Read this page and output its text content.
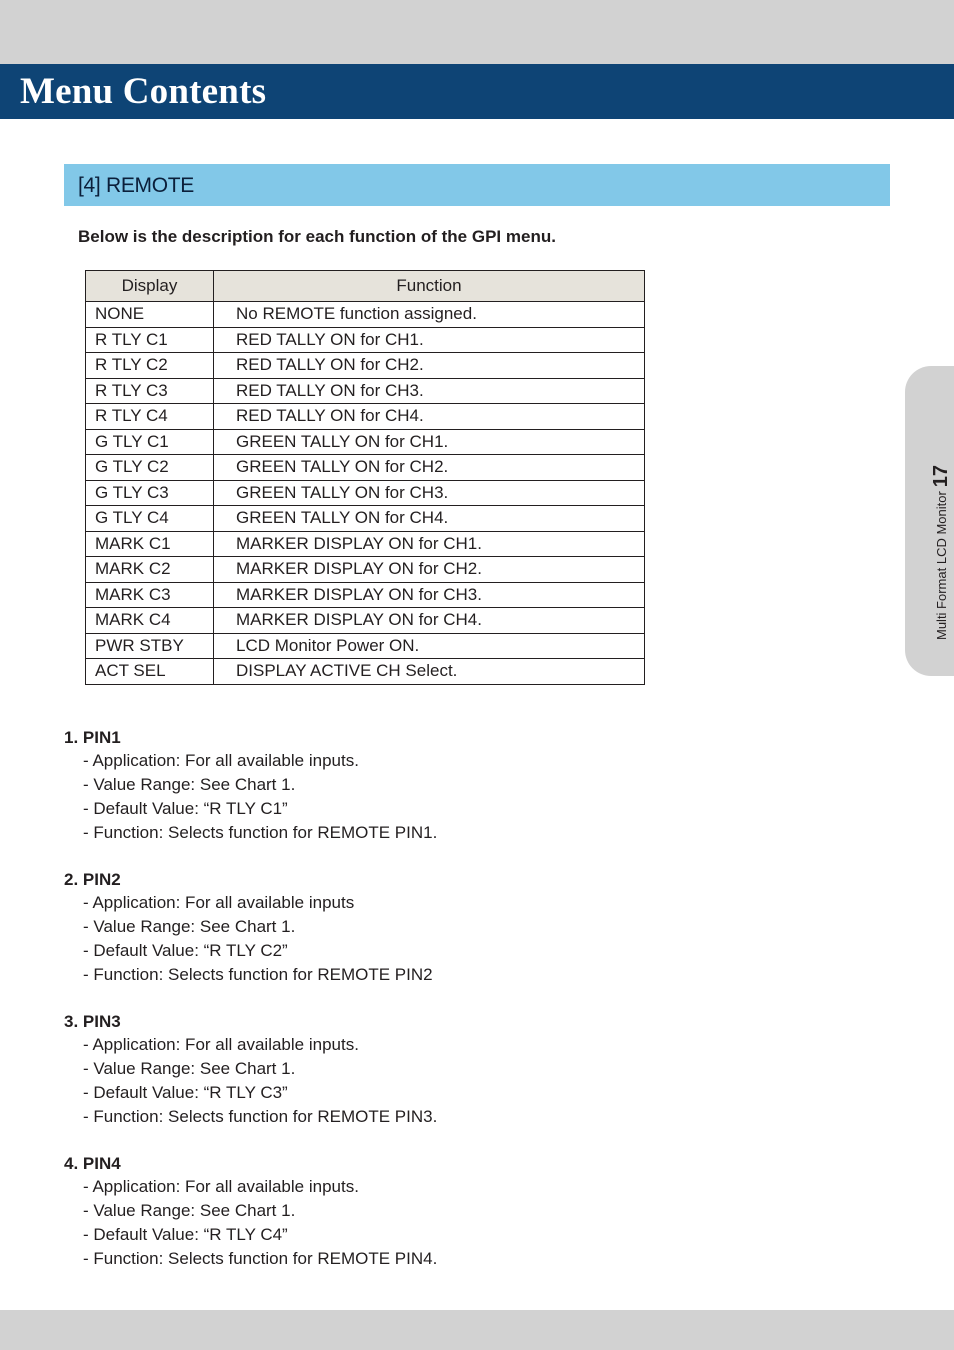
Menu Contents
[4] REMOTE
Below is the description for each function of the GPI menu.
Display	Function
NONE	No REMOTE function assigned.
R TLY C1	RED TALLY ON for CH1.
R TLY C2	RED TALLY ON for CH2.
R TLY C3	RED TALLY ON for CH3.
R TLY C4	RED TALLY ON for CH4.
G TLY C1	GREEN TALLY ON for CH1.
G TLY C2	GREEN TALLY ON for CH2.
G TLY C3	GREEN TALLY ON for CH3.
G TLY C4	GREEN TALLY ON for CH4.
MARK C1	MARKER DISPLAY ON for CH1.
MARK C2	MARKER DISPLAY ON for CH2.
MARK C3	MARKER DISPLAY ON for CH3.
MARK C4	MARKER DISPLAY ON for CH4.
PWR STBY	LCD Monitor Power ON.
ACT SEL	DISPLAY ACTIVE CH Select.
1. PIN1
- Application: For all available inputs.
- Value Range: See Chart 1.
- Default Value: “R TLY C1”
- Function: Selects function for REMOTE PIN1.
2. PIN2
- Application: For all available inputs
- Value Range: See Chart 1.
- Default Value: “R TLY C2”
- Function: Selects function for REMOTE PIN2
3. PIN3
- Application: For all available inputs.
- Value Range: See Chart 1.
- Default Value: “R TLY C3”
- Function: Selects function for REMOTE PIN3.
4. PIN4
- Application: For all available inputs.
- Value Range: See Chart 1.
- Default Value: “R TLY C4”
- Function: Selects function for REMOTE PIN4.
Multi Format LCD Monitor17
